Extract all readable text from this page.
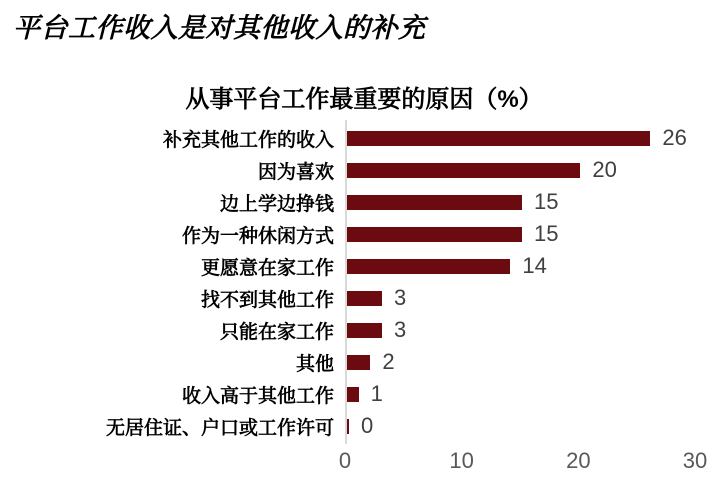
平台工作收入是对其他收入的补充
从事平台工作最重要的原因（%）
补充其他工作的收入	26
因为喜欢	20
边上学边挣钱	15
作为一种休闲方式	15
更愿意在家工作	14
找不到其他工作	3
只能在家工作	3
其他 2
收入高于其他工作 1
无居住证、户口或工作许可 0
0	10	20	30
